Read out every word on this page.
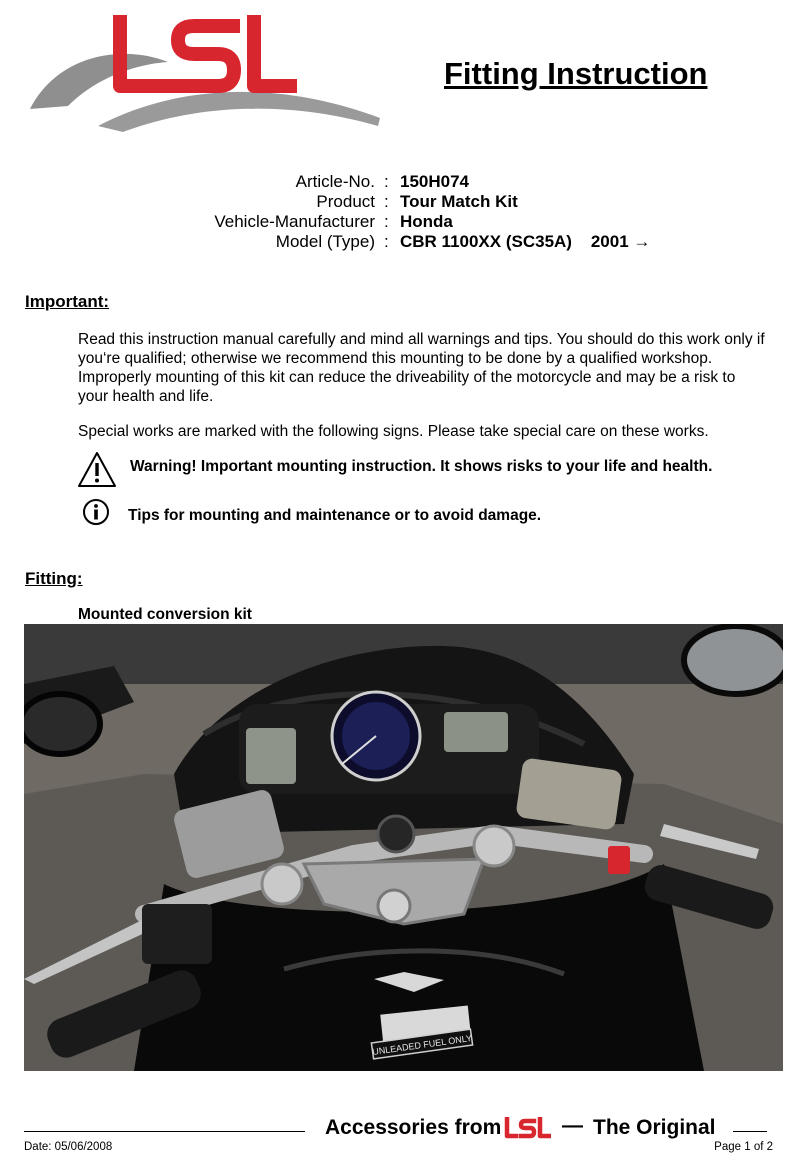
Fitting Instruction
Article-No. : 150H074
Product : Tour Match Kit
Vehicle-Manufacturer : Honda
Model (Type) : CBR 1100XX (SC35A)    2001 →
Important:
Read this instruction manual carefully and mind all warnings and tips. You should do this work only if you‘re qualified; otherwise we recommend this mounting to be done by a qualified workshop. Improperly mounting of this kit can reduce the driveability of the motorcycle and may be a risk to your health and life.
Special works are marked with the following signs. Please take special care on these works.
Warning! Important mounting instruction. It shows risks to your life and health.
Tips for mounting and maintenance or to avoid damage.
Fitting:
Mounted conversion kit
UNLEADED FUEL ONLY
Accessories from	— The Original
Date: 05/06/2008	Page 1 of 2
